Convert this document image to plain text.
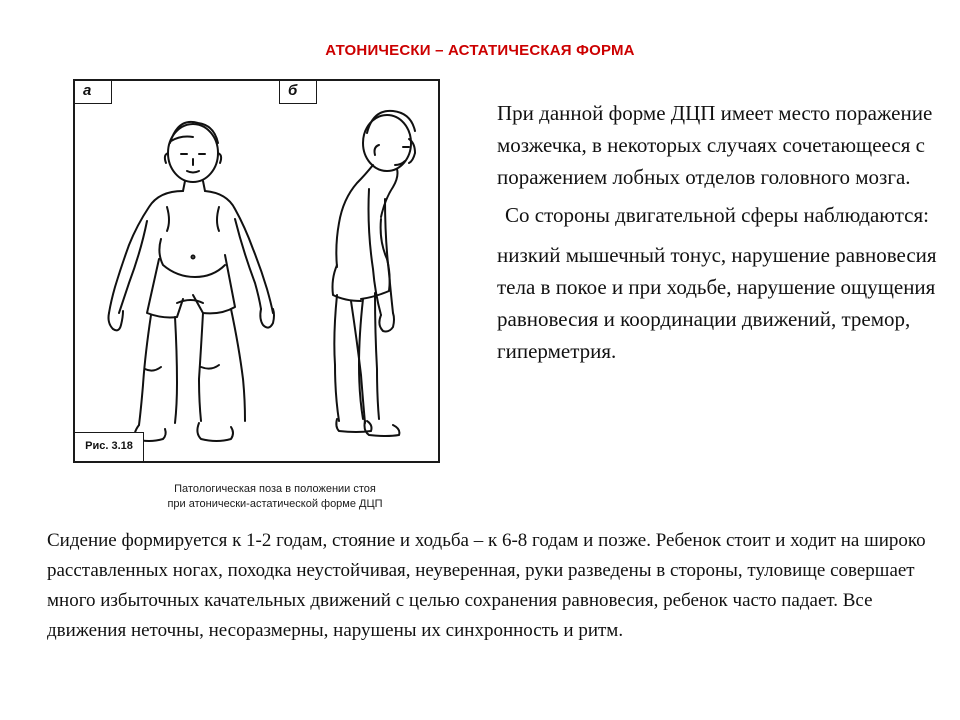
АТОНИЧЕСКИ – АСТАТИЧЕСКАЯ ФОРМА
а	б
Рис. 3.18
Патологическая поза в положении стоя
при атонически-астатической форме ДЦП

При данной форме ДЦП имеет место поражение мозжечка, в некоторых случаях сочетающееся с поражением лобных отделов головного мозга.

Со стороны двигательной сферы наблюдаются:

низкий мышечный тонус, нарушение равновесия тела в покое и при ходьбе, нарушение ощущения равновесия и координации движений, тремор, гиперметрия.

Сидение формируется к 1-2 годам, стояние и ходьба – к 6-8 годам и позже. Ребенок стоит и ходит на широко расставленных ногах, походка неустойчивая, неуверенная, руки разведены в стороны, туловище совершает много избыточных качательных движений с целью сохранения равновесия, ребенок часто падает. Все движения неточны, несоразмерны, нарушены их синхронность и ритм.
